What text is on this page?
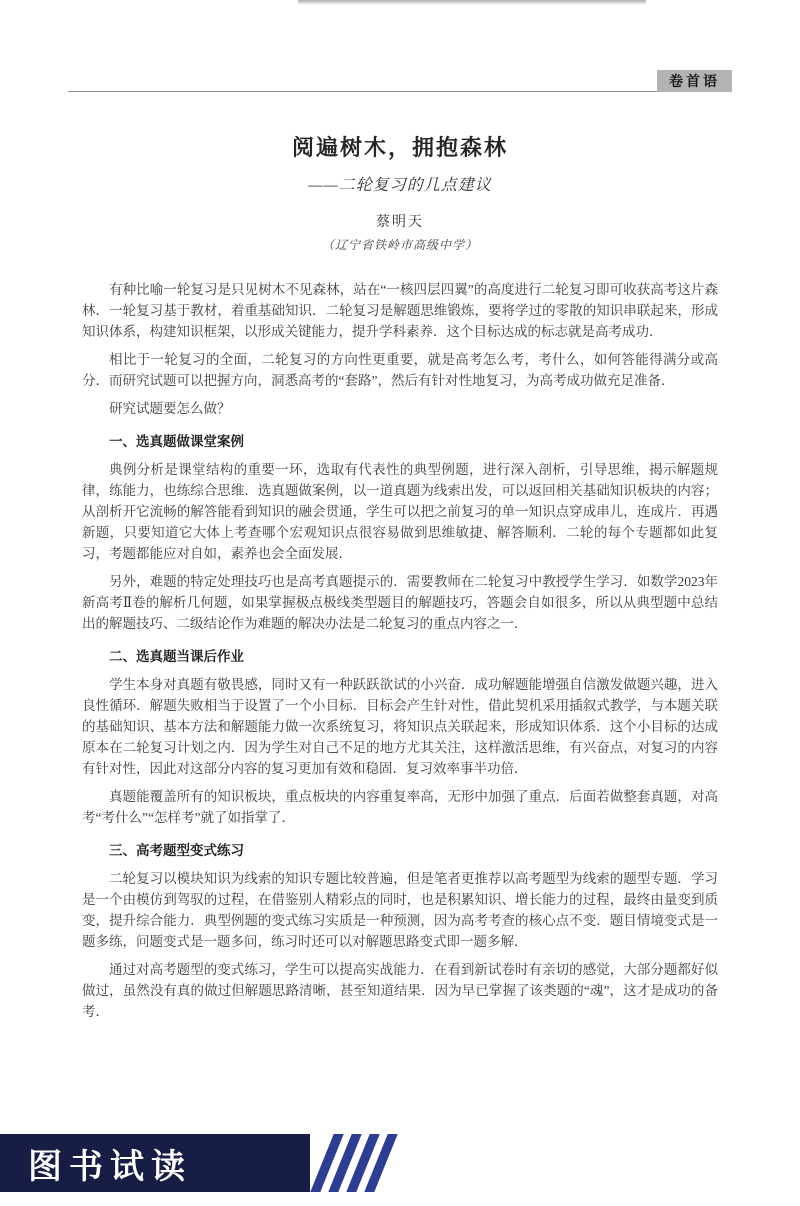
卷首语
阅遍树木，拥抱森林
——二轮复习的几点建议
蔡明天
（辽宁省铁岭市高级中学）

有种比喻一轮复习是只见树木不见森林，站在“一核四层四翼”的高度进行二轮复习即可收获高考这片森林．一轮复习基于教材，着重基础知识．二轮复习是解题思维锻炼，要将学过的零散的知识串联起来，形成知识体系，构建知识框架，以形成关键能力，提升学科素养．这个目标达成的标志就是高考成功．

相比于一轮复习的全面，二轮复习的方向性更重要，就是高考怎么考，考什么，如何答能得满分或高分．而研究试题可以把握方向，洞悉高考的“套路”，然后有针对性地复习，为高考成功做充足准备．

研究试题要怎么做？

一、选真题做课堂案例

典例分析是课堂结构的重要一环，选取有代表性的典型例题，进行深入剖析，引导思维，揭示解题规律，练能力，也练综合思维．选真题做案例，以一道真题为线索出发，可以返回相关基础知识板块的内容；从剖析开它流畅的解答能看到知识的融会贯通，学生可以把之前复习的单一知识点穿成串儿，连成片．再遇新题，只要知道它大体上考查哪个宏观知识点很容易做到思维敏捷、解答顺利．二轮的每个专题都如此复习，考题都能应对自如，素养也会全面发展．

另外，难题的特定处理技巧也是高考真题提示的．需要教师在二轮复习中教授学生学习．如数学2023年新高考Ⅱ卷的解析几何题，如果掌握极点极线类型题目的解题技巧，答题会自如很多，所以从典型题中总结出的解题技巧、二级结论作为难题的解决办法是二轮复习的重点内容之一．

二、选真题当课后作业

学生本身对真题有敬畏感，同时又有一种跃跃欲试的小兴奋．成功解题能增强自信激发做题兴趣，进入良性循环．解题失败相当于设置了一个小目标．目标会产生针对性，借此契机采用插叙式教学，与本题关联的基础知识、基本方法和解题能力做一次系统复习，将知识点关联起来，形成知识体系．这个小目标的达成原本在二轮复习计划之内．因为学生对自己不足的地方尤其关注，这样激活思维，有兴奋点，对复习的内容有针对性，因此对这部分内容的复习更加有效和稳固．复习效率事半功倍．

真题能覆盖所有的知识板块，重点板块的内容重复率高，无形中加强了重点．后面若做整套真题，对高考“考什么”“怎样考”就了如指掌了．

三、高考题型变式练习

二轮复习以模块知识为线索的知识专题比较普遍，但是笔者更推荐以高考题型为线索的题型专题．学习是一个由模仿到驾驭的过程，在借鉴别人精彩点的同时，也是积累知识、增长能力的过程，最终由量变到质变，提升综合能力．典型例题的变式练习实质是一种预测，因为高考考查的核心点不变．题目情境变式是一题多练，问题变式是一题多问，练习时还可以对解题思路变式即一题多解．

通过对高考题型的变式练习，学生可以提高实战能力．在看到新试卷时有亲切的感觉，大部分题都好似做过，虽然没有真的做过但解题思路清晰，甚至知道结果．因为早已掌握了该类题的“魂”，这才是成功的备考．

图书试读
